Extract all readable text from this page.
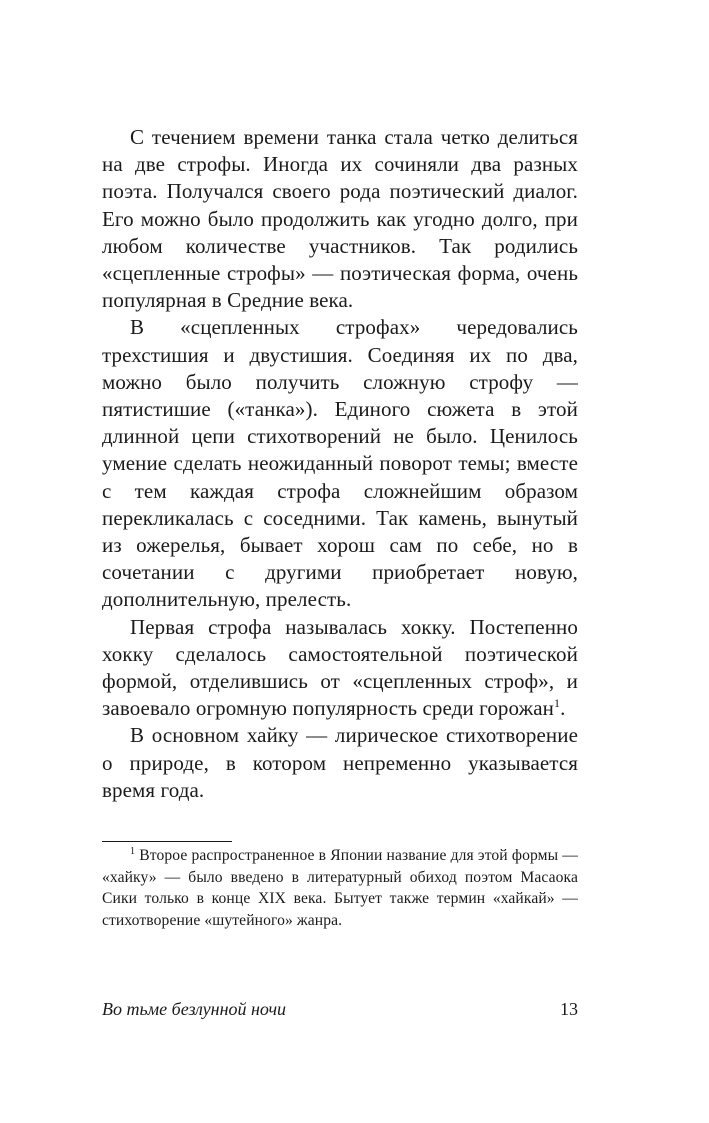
С течением времени танка стала четко делиться на две строфы. Иногда их сочиняли два разных поэта. Получался своего рода поэтический диалог. Его можно было продолжить как угодно долго, при любом количестве участников. Так родились «сцепленные строфы» — поэтическая форма, очень популярная в Средние века.

В «сцепленных строфах» чередовались трехстишия и двустишия. Соединяя их по два, можно было получить сложную строфу — пятистишие («танка»). Единого сюжета в этой длинной цепи стихотворений не было. Ценилось умение сделать неожиданный поворот темы; вместе с тем каждая строфа сложнейшим образом перекликалась с соседними. Так камень, вынутый из ожерелья, бывает хорош сам по себе, но в сочетании с другими приобретает новую, дополнительную, прелесть.

Первая строфа называлась хокку. Постепенно хокку сделалось самостоятельной поэтической формой, отделившись от «сцепленных строф», и завоевало огромную популярность среди горожан$^1$.

В основном хайку — лирическое стихотворение о природе, в котором непременно указывается время года.

$^1$ Второе распространенное в Японии название для этой формы — «хайку» — было введено в литературный обиход поэтом Масаока Сики только в конце XIX века. Бытует также термин «хайкай» — стихотворение «шутейного» жанра.

Во тьме безлунной ночи	13
